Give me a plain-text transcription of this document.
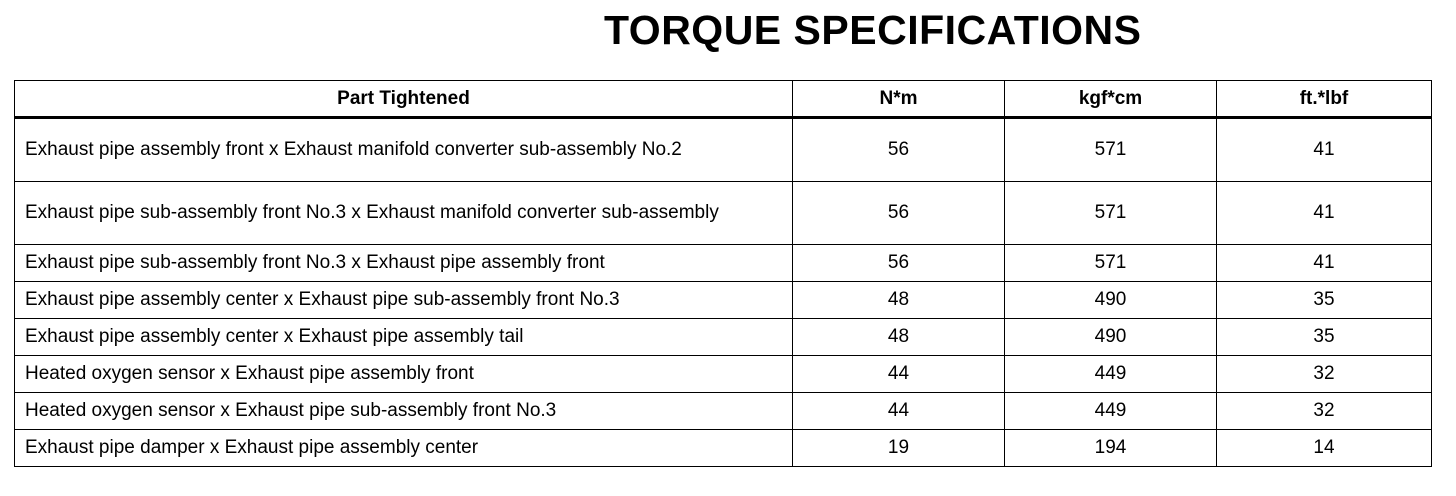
TORQUE SPECIFICATIONS
Part Tightened	N*m	kgf*cm	ft.*lbf
Exhaust pipe assembly front x Exhaust manifold converter sub-assembly No.2	56	571	41
Exhaust pipe sub-assembly front No.3 x Exhaust manifold converter sub-assembly	56	571	41
Exhaust pipe sub-assembly front No.3 x Exhaust pipe assembly front	56	571	41
Exhaust pipe assembly center x Exhaust pipe sub-assembly front No.3	48	490	35
Exhaust pipe assembly center x Exhaust pipe assembly tail	48	490	35
Heated oxygen sensor x Exhaust pipe assembly front	44	449	32
Heated oxygen sensor x Exhaust pipe sub-assembly front No.3	44	449	32
Exhaust pipe damper x Exhaust pipe assembly center	19	194	14
